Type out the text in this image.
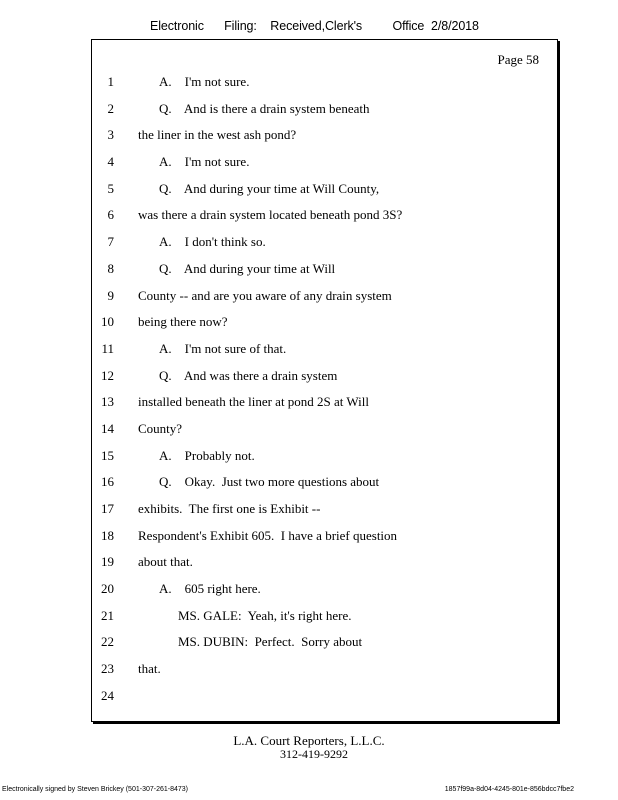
Electronic Filing: Received,Clerk's Office 2/8/2018
Page 58
1	A.    I'm not sure.
2	Q.    And is there a drain system beneath
3 the liner in the west ash pond?
4	A.    I'm not sure.
5	Q.    And during your time at Will County,
6 was there a drain system located beneath pond 3S?
7	A.    I don't think so.
8	Q.    And during your time at Will
9 County -- and are you aware of any drain system
10 being there now?
11	A.    I'm not sure of that.
12	Q.    And was there a drain system
13 installed beneath the liner at pond 2S at Will
14 County?
15	A.    Probably not.
16	Q.    Okay.  Just two more questions about
17 exhibits.  The first one is Exhibit --
18 Respondent's Exhibit 605.  I have a brief question
19 about that.
20	A.    605 right here.
21	MS. GALE:  Yeah, it's right here.
22	MS. DUBIN:  Perfect.  Sorry about
23 that.
24
L.A. Court Reporters, L.L.C.
312-419-9292
Electronically signed by Steven Brickey (501-307-261-8473)	1857f99a-8d04-4245-801e-856bdcc7fbe2
